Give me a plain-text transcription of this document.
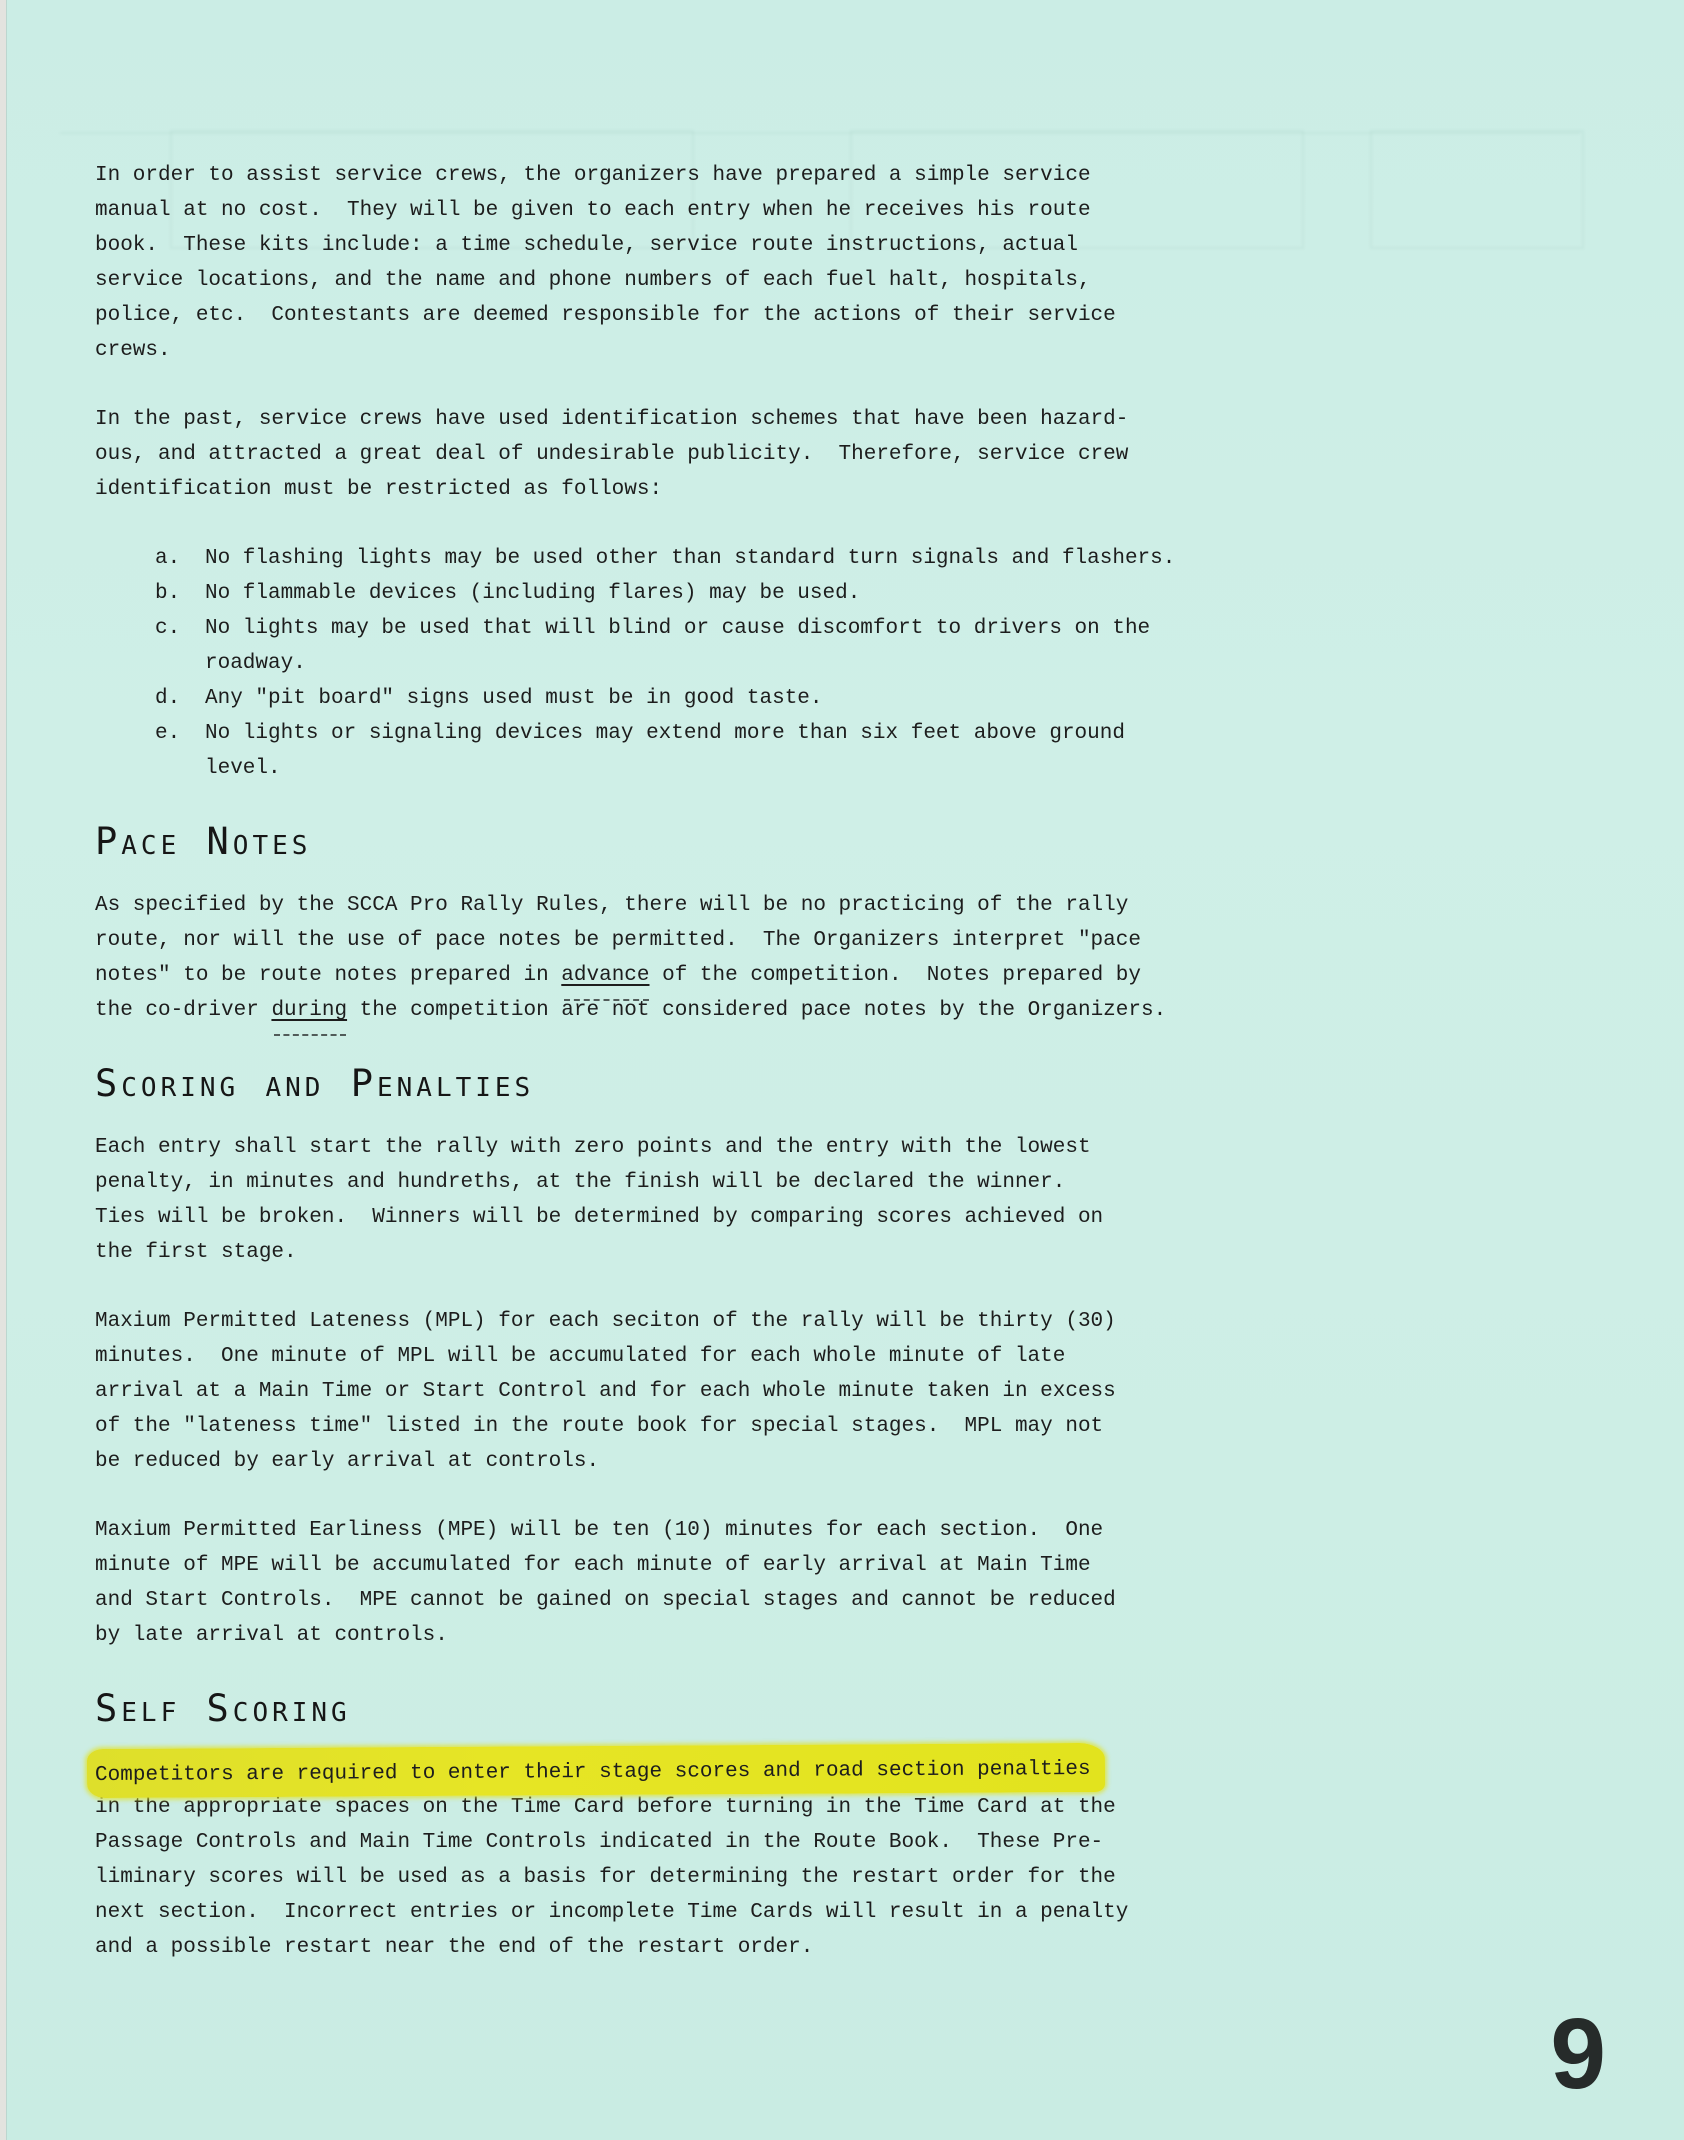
In order to assist service crews, the organizers have prepared a simple service
manual at no cost.  They will be given to each entry when he receives his route
book.  These kits include: a time schedule, service route instructions, actual
service locations, and the name and phone numbers of each fuel halt, hospitals,
police, etc.  Contestants are deemed responsible for the actions of their service
crews.
In the past, service crews have used identification schemes that have been hazard-
ous, and attracted a great deal of undesirable publicity.  Therefore, service crew
identification must be restricted as follows:
a.	No flashing lights may be used other than standard turn signals and flashers.
b.	No flammable devices (including flares) may be used.
c.	No lights may be used that will blind or cause discomfort to drivers on the
roadway.
d.	Any "pit board" signs used must be in good taste.
e.	No lights or signaling devices may extend more than six feet above ground
level.
Pace Notes
As specified by the SCCA Pro Rally Rules, there will be no practicing of the rally
route, nor will the use of pace notes be permitted.  The Organizers interpret "pace
notes" to be route notes prepared in advance of the competition.  Notes prepared by
the co-driver during the competition are not considered pace notes by the Organizers.
Scoring and Penalties
Each entry shall start the rally with zero points and the entry with the lowest
penalty, in minutes and hundreths, at the finish will be declared the winner.
Ties will be broken.  Winners will be determined by comparing scores achieved on
the first stage.
Maxium Permitted Lateness (MPL) for each seciton of the rally will be thirty (30)
minutes.  One minute of MPL will be accumulated for each whole minute of late
arrival at a Main Time or Start Control and for each whole minute taken in excess
of the "lateness time" listed in the route book for special stages.  MPL may not
be reduced by early arrival at controls.
Maxium Permitted Earliness (MPE) will be ten (10) minutes for each section.  One
minute of MPE will be accumulated for each minute of early arrival at Main Time
and Start Controls.  MPE cannot be gained on special stages and cannot be reduced
by late arrival at controls.
Self Scoring
Competitors are required to enter their stage scores and road section penalties
in the appropriate spaces on the Time Card before turning in the Time Card at the
Passage Controls and Main Time Controls indicated in the Route Book.  These Pre-
liminary scores will be used as a basis for determining the restart order for the
next section.  Incorrect entries or incomplete Time Cards will result in a penalty
and a possible restart near the end of the restart order.
9
